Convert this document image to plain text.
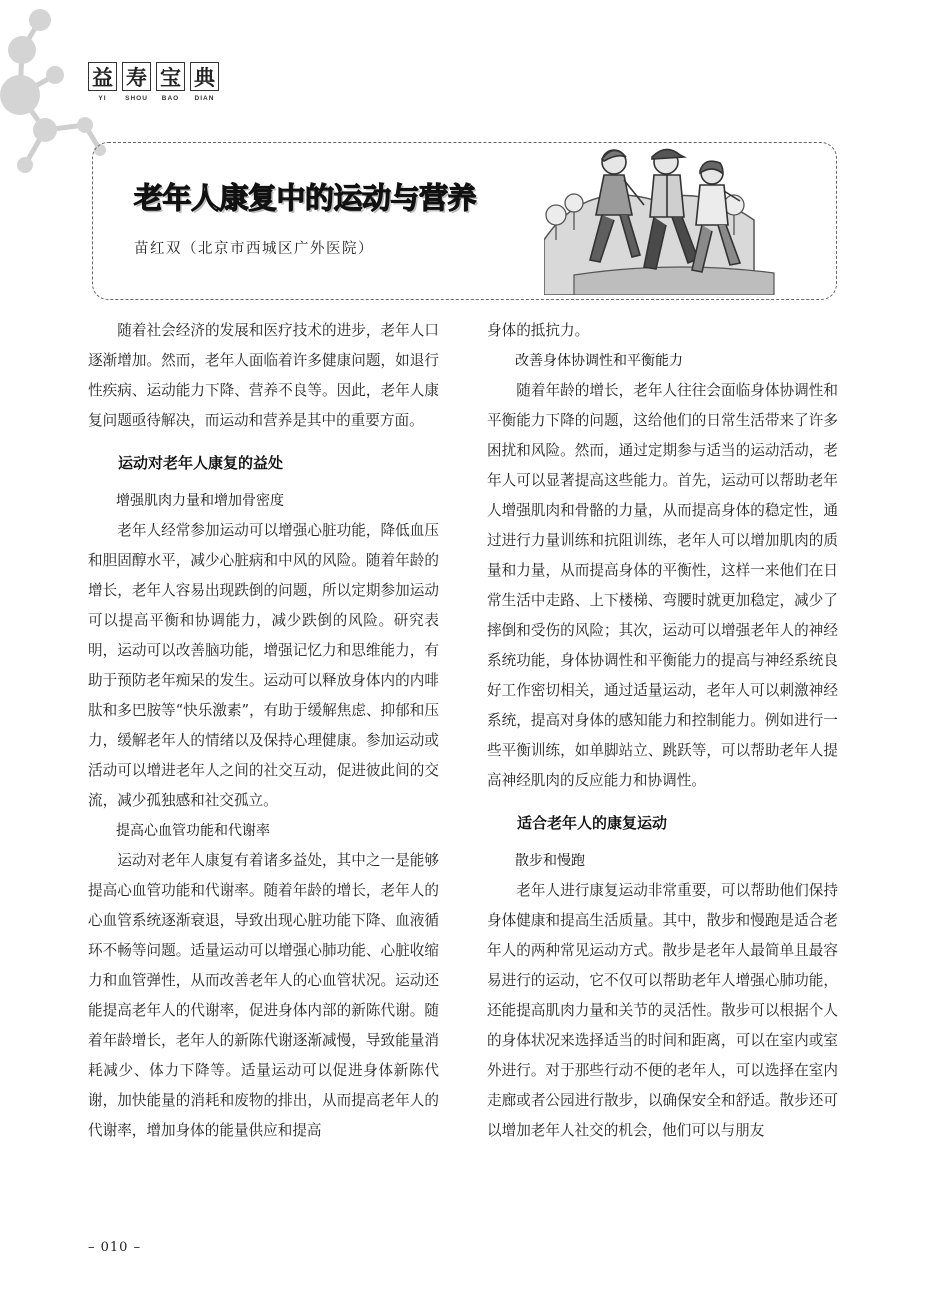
益 寿 宝 典
YI	SHOU	BAO	DIAN
老年人康复中的运动与营养
苗红双（北京市西城区广外医院）

随着社会经济的发展和医疗技术的进步，老年人口逐渐增加。然而，老年人面临着许多健康问题，如退行性疾病、运动能力下降、营养不良等。因此，老年人康复问题亟待解决，而运动和营养是其中的重要方面。

运动对老年人康复的益处
增强肌肉力量和增加骨密度

老年人经常参加运动可以增强心脏功能，降低血压和胆固醇水平，减少心脏病和中风的风险。随着年龄的增长，老年人容易出现跌倒的问题，所以定期参加运动可以提高平衡和协调能力，减少跌倒的风险。研究表明，运动可以改善脑功能，增强记忆力和思维能力，有助于预防老年痴呆的发生。运动可以释放身体内的内啡肽和多巴胺等“快乐激素”，有助于缓解焦虑、抑郁和压力，缓解老年人的情绪以及保持心理健康。参加运动或活动可以增进老年人之间的社交互动，促进彼此间的交流，减少孤独感和社交孤立。

提高心血管功能和代谢率

运动对老年人康复有着诸多益处，其中之一是能够提高心血管功能和代谢率。随着年龄的增长，老年人的心血管系统逐渐衰退，导致出现心脏功能下降、血液循环不畅等问题。适量运动可以增强心肺功能、心脏收缩力和血管弹性，从而改善老年人的心血管状况。运动还能提高老年人的代谢率，促进身体内部的新陈代谢。随着年龄增长，老年人的新陈代谢逐渐减慢，导致能量消耗减少、体力下降等。适量运动可以促进身体新陈代谢，加快能量的消耗和废物的排出，从而提高老年人的代谢率，增加身体的能量供应和提高

身体的抵抗力。

改善身体协调性和平衡能力

随着年龄的增长，老年人往往会面临身体协调性和平衡能力下降的问题，这给他们的日常生活带来了许多困扰和风险。然而，通过定期参与适当的运动活动，老年人可以显著提高这些能力。首先，运动可以帮助老年人增强肌肉和骨骼的力量，从而提高身体的稳定性，通过进行力量训练和抗阻训练，老年人可以增加肌肉的质量和力量，从而提高身体的平衡性，这样一来他们在日常生活中走路、上下楼梯、弯腰时就更加稳定，减少了摔倒和受伤的风险；其次，运动可以增强老年人的神经系统功能，身体协调性和平衡能力的提高与神经系统良好工作密切相关，通过适量运动，老年人可以刺激神经系统，提高对身体的感知能力和控制能力。例如进行一些平衡训练，如单脚站立、跳跃等，可以帮助老年人提高神经肌肉的反应能力和协调性。

适合老年人的康复运动
散步和慢跑

老年人进行康复运动非常重要，可以帮助他们保持身体健康和提高生活质量。其中，散步和慢跑是适合老年人的两种常见运动方式。散步是老年人最简单且最容易进行的运动，它不仅可以帮助老年人增强心肺功能，还能提高肌肉力量和关节的灵活性。散步可以根据个人的身体状况来选择适当的时间和距离，可以在室内或室外进行。对于那些行动不便的老年人，可以选择在室内走廊或者公园进行散步，以确保安全和舒适。散步还可以增加老年人社交的机会，他们可以与朋友

– 010 –
